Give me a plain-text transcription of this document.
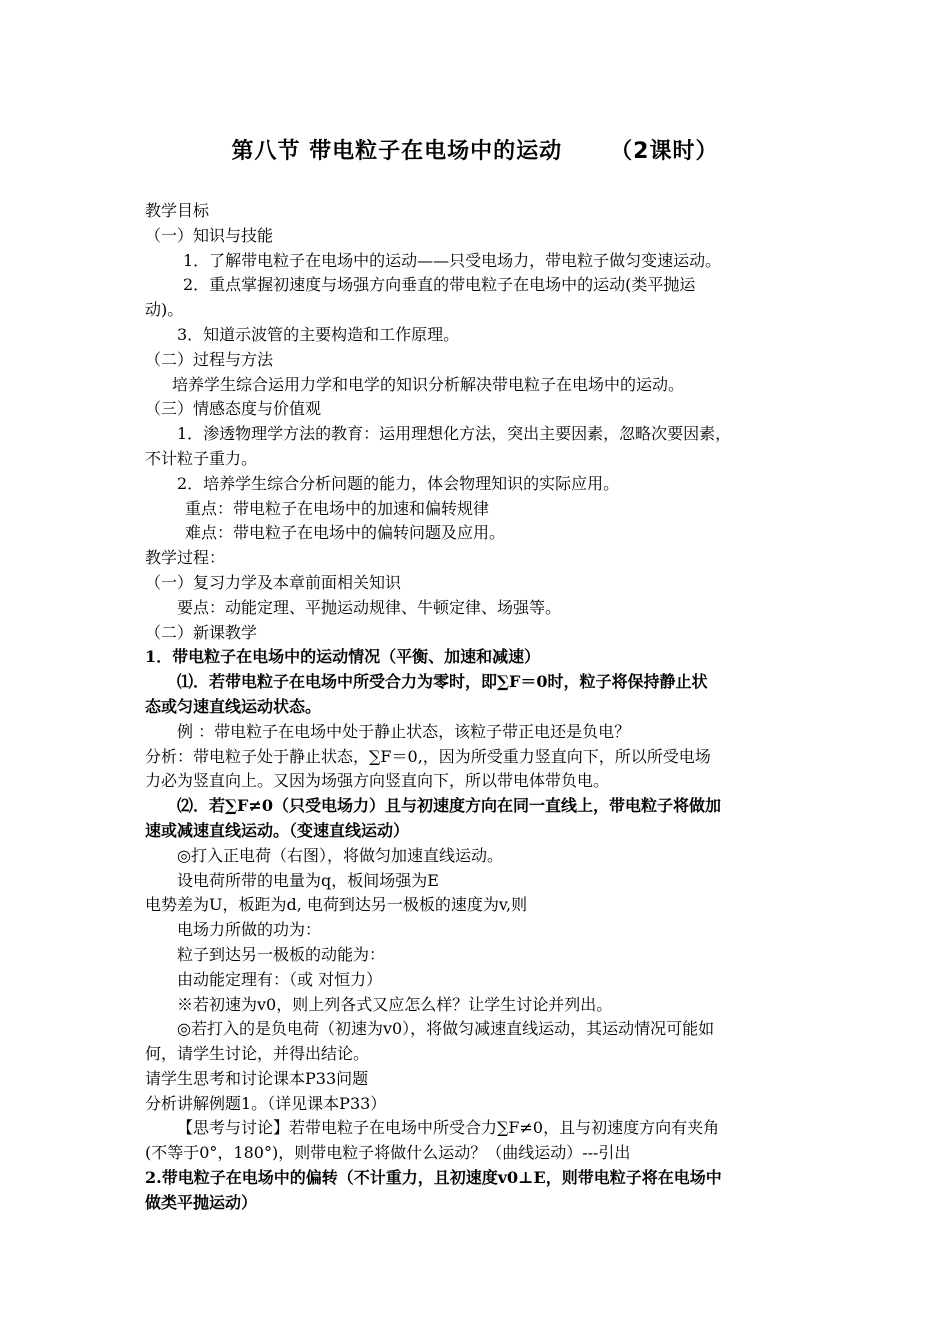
第八节 带电粒子在电场中的运动 （2课时）
教学目标
（一）知识与技能
1．了解带电粒子在电场中的运动——只受电场力，带电粒子做匀变速运动。
2．重点掌握初速度与场强方向垂直的带电粒子在电场中的运动(类平抛运
动)。
3．知道示波管的主要构造和工作原理。
（二）过程与方法
培养学生综合运用力学和电学的知识分析解决带电粒子在电场中的运动。
（三）情感态度与价值观
1．渗透物理学方法的教育：运用理想化方法，突出主要因素，忽略次要因素，
不计粒子重力。
2．培养学生综合分析问题的能力，体会物理知识的实际应用。
重点：带电粒子在电场中的加速和偏转规律
难点：带电粒子在电场中的偏转问题及应用。
教学过程：
（一）复习力学及本章前面相关知识
要点：动能定理、平抛运动规律、牛顿定律、场强等。
（二）新课教学
1．带电粒子在电场中的运动情况（平衡、加速和减速）
⑴．若带电粒子在电场中所受合力为零时，即∑F＝0时，粒子将保持静止状
态或匀速直线运动状态。
例 ：带电粒子在电场中处于静止状态，该粒子带正电还是负电？
分析：带电粒子处于静止状态，∑F＝0,，因为所受重力竖直向下，所以所受电场
力必为竖直向上。又因为场强方向竖直向下，所以带电体带负电。
⑵．若∑F≠0（只受电场力）且与初速度方向在同一直线上，带电粒子将做加
速或减速直线运动。（变速直线运动）
◎打入正电荷（右图），将做匀加速直线运动。
设电荷所带的电量为q，板间场强为E
电势差为U，板距为d, 电荷到达另一极板的速度为v,则
电场力所做的功为：
粒子到达另一极板的动能为：
由动能定理有：（或 对恒力）
※若初速为v0，则上列各式又应怎么样？让学生讨论并列出。
◎若打入的是负电荷（初速为v0），将做匀减速直线运动，其运动情况可能如
何，请学生讨论，并得出结论。
请学生思考和讨论课本P33问题
分析讲解例题1。（详见课本P33）
【思考与讨论】若带电粒子在电场中所受合力∑F≠0，且与初速度方向有夹角
(不等于0°，180°)，则带电粒子将做什么运动？（曲线运动）---引出
2.带电粒子在电场中的偏转（不计重力，且初速度v0⊥E，则带电粒子将在电场中
做类平抛运动）
